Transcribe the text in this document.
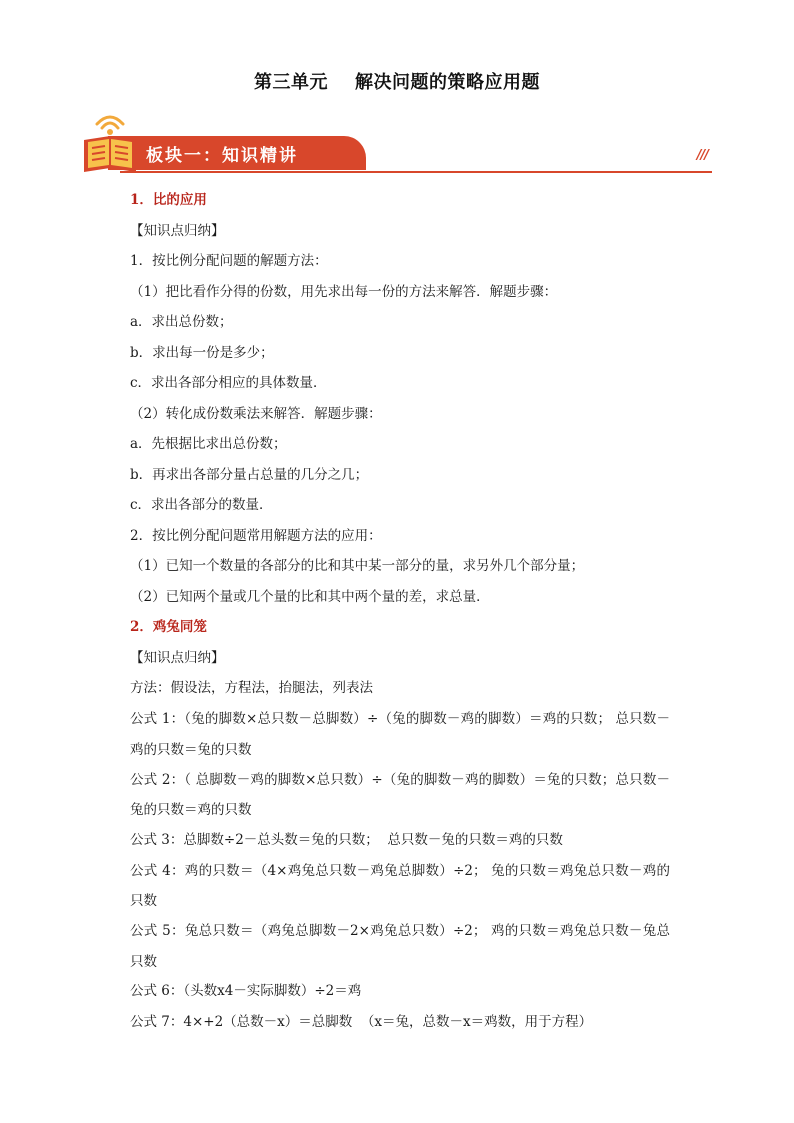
第三单元    解决问题的策略应用题
板块一：知识精讲	///
1．比的应用
【知识点归纳】
1．按比例分配问题的解题方法：
（1）把比看作分得的份数，用先求出每一份的方法来解答．解题步骤：
a．求出总份数；
b．求出每一份是多少；
c．求出各部分相应的具体数量．
（2）转化成份数乘法来解答．解题步骤：
a．先根据比求出总份数；
b．再求出各部分量占总量的几分之几；
c．求出各部分的数量．
2．按比例分配问题常用解题方法的应用：
（1）已知一个数量的各部分的比和其中某一部分的量，求另外几个部分量；
（2）已知两个量或几个量的比和其中两个量的差，求总量．
2．鸡兔同笼
【知识点归纳】
方法：假设法，方程法，抬腿法，列表法
公式 1：（兔的脚数×总只数－总脚数）÷（兔的脚数－鸡的脚数）＝鸡的只数； 总只数－鸡的只数＝兔的只数
公式 2：（ 总脚数－鸡的脚数×总只数）÷（兔的脚数－鸡的脚数）＝兔的只数；总只数－兔的只数＝鸡的只数
公式 3：总脚数÷2－总头数＝兔的只数；  总只数－兔的只数＝鸡的只数
公式 4：鸡的只数＝（4×鸡兔总只数－鸡兔总脚数）÷2； 兔的只数＝鸡兔总只数－鸡的只数
公式 5：兔总只数＝（鸡兔总脚数－2×鸡兔总只数）÷2； 鸡的只数＝鸡兔总只数－兔总只数
公式 6：（头数x4－实际脚数）÷2＝鸡
公式 7：4×+2（总数－x）＝总脚数  （x＝兔，总数－x＝鸡数，用于方程）
